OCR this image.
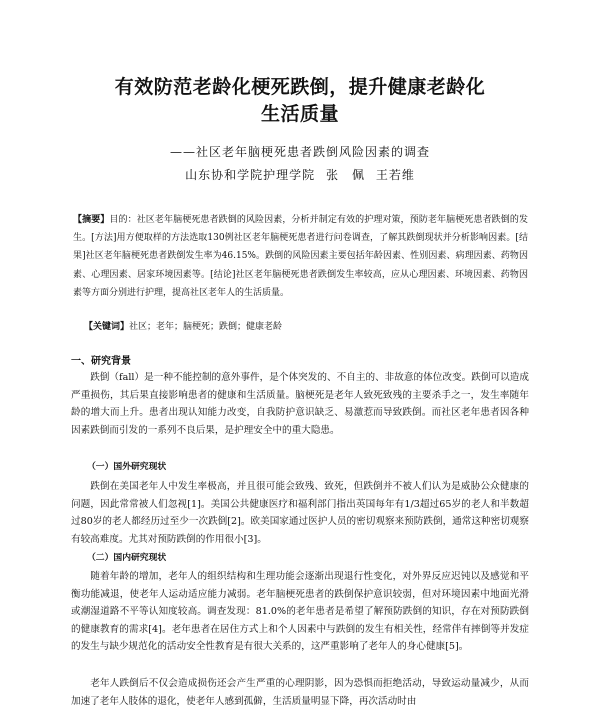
有效防范老龄化梗死跌倒，提升健康老龄化
生活质量
——社区老年脑梗死患者跌倒风险因素的调查
山东协和学院护理学院 张　佩 王若维
【摘要】目的：社区老年脑梗死患者跌倒的风险因素，分析并制定有效的护理对策，预防老年脑梗死患者跌倒的发生。[方法]用方便取样的方法选取130例社区老年脑梗死患者进行问卷调查，了解其跌倒现状并分析影响因素。[结果]社区老年脑梗死患者跌倒发生率为46.15%。跌倒的风险因素主要包括年龄因素、性别因素、病理因素、药物因素、心理因素、居家环境因素等。[结论]社区老年脑梗死患者跌倒发生率较高，应从心理因素、环境因素、药物因素等方面分别进行护理，提高社区老年人的生活质量。
【关键词】社区；老年；脑梗死；跌倒；健康老龄
一、研究背景
跌倒（fall）是一种不能控制的意外事件，是个体突发的、不自主的、非故意的体位改变。跌倒可以造成严重损伤，其后果直接影响患者的健康和生活质量。脑梗死是老年人致死致残的主要杀手之一，发生率随年龄的增大而上升。患者出现认知能力改变，自我防护意识缺乏、易激惹而导致跌倒。而社区老年患者因各种因素跌倒而引发的一系列不良后果，是护理安全中的重大隐患。
（一）国外研究现状
跌倒在美国老年人中发生率极高，并且很可能会致残、致死，但跌倒并不被人们认为是威胁公众健康的问题，因此常常被人们忽视[1]。美国公共健康医疗和福利部门指出英国每年有1/3超过65岁的老人和半数超过80岁的老人都经历过至少一次跌倒[2]。欧美国家通过医护人员的密切观察来预防跌倒，通常这种密切观察有较高难度。尤其对预防跌倒的作用很小[3]。
（二）国内研究现状
随着年龄的增加，老年人的组织结构和生理功能会逐渐出现退行性变化，对外界反应迟钝以及感觉和平衡功能减退，使老年人运动适应能力减弱。老年脑梗死患者的跌倒保护意识较弱，但对环境因素中地面光滑或潮湿道路不平等认知度较高。调查发现：81.0%的老年患者是希望了解预防跌倒的知识，存在对预防跌倒的健康教育的需求[4]。老年患者在居住方式上和个人因素中与跌倒的发生有相关性，经常伴有摔倒等并发症的发生与缺少规范化的活动安全性教育是有很大关系的，这严重影响了老年人的身心健康[5]。
老年人跌倒后不仅会造成损伤还会产生严重的心理阴影，因为恐惧而拒绝活动，导致运动量减少，从而加速了老年人肢体的退化，使老年人感到孤僻，生活质量明显下降，再次活动时由
